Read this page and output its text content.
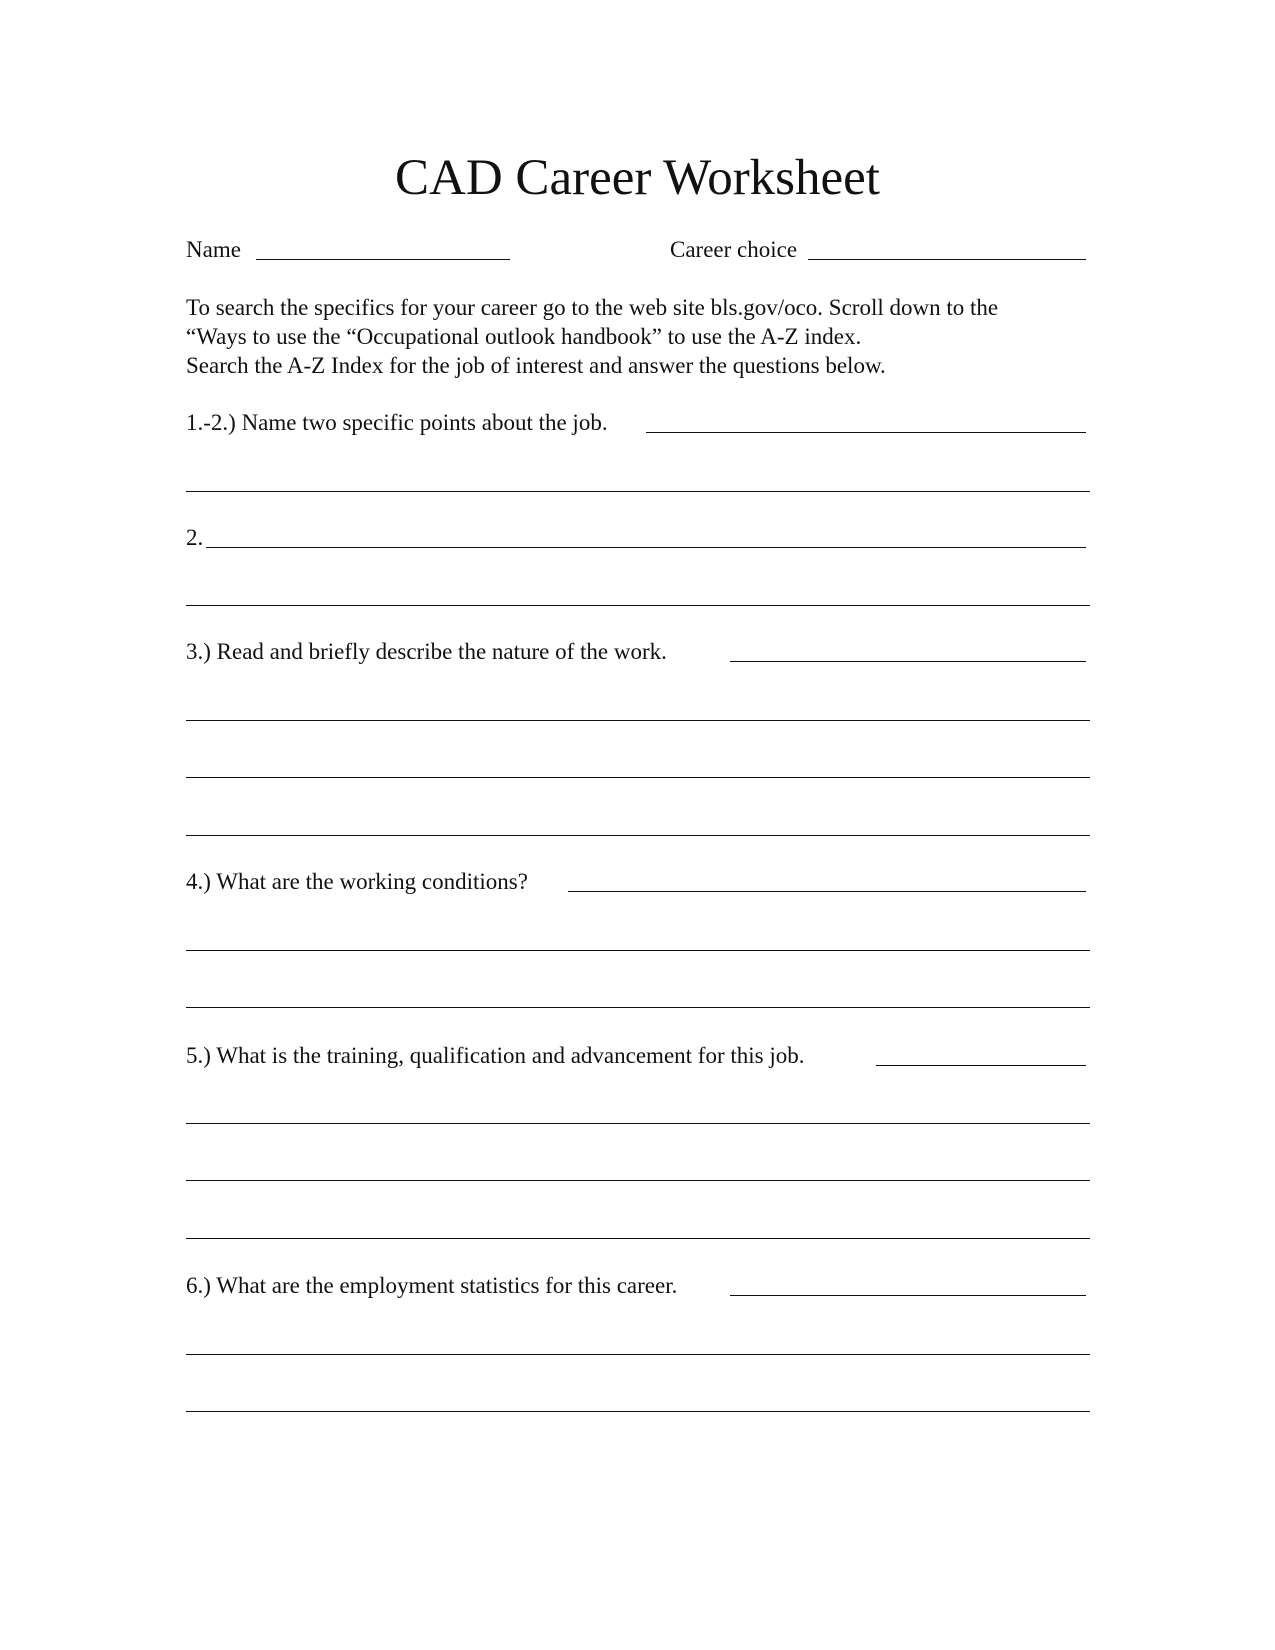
CAD Career Worksheet
Name	Career choice
To search the specifics for your career go to the web site bls.gov/oco. Scroll down to the
“Ways to use the “Occupational outlook handbook” to use the A-Z index.
Search the A-Z Index for the job of interest and answer the questions below.
1.-2.) Name two specific points about the job.
2.
3.) Read and briefly describe the nature of the work.
4.) What are the working conditions?
5.) What is the training, qualification and advancement for this job.
6.) What are the employment statistics for this career.
